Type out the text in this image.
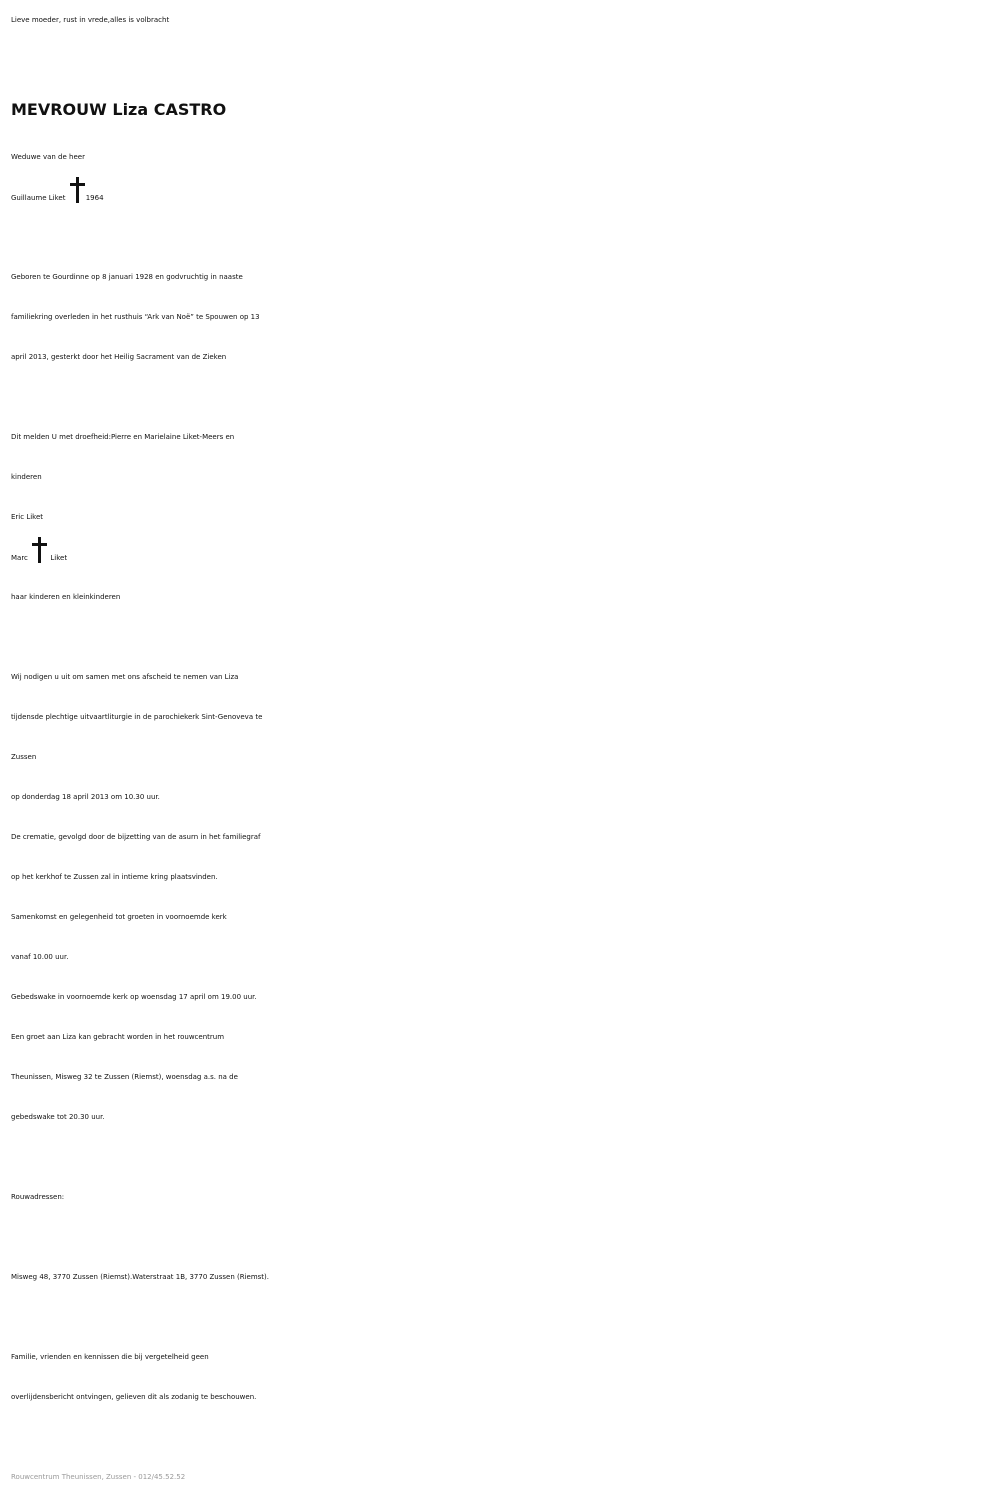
Lieve moeder, rust in vrede,alles is volbracht
MEVROUW Liza CASTRO
Weduwe van de heer
Guillaume Liket	1964
Geboren te Gourdinne op 8 januari 1928 en godvruchtig in naaste
familiekring overleden in het rusthuis “Ark van Noë” te Spouwen op 13
april 2013, gesterkt door het Heilig Sacrament van de Zieken
Dit melden U met droefheid:Pierre en Marielaine Liket-Meers en
kinderen
Eric Liket
Marc	Liket
haar kinderen en kleinkinderen
Wij nodigen u uit om samen met ons afscheid te nemen van Liza
tijdensde plechtige uitvaartliturgie in de parochiekerk Sint-Genoveva te
Zussen
op donderdag 18 april 2013 om 10.30 uur.
De crematie, gevolgd door de bijzetting van de asurn in het familiegraf
op het kerkhof te Zussen zal in intieme kring plaatsvinden.
Samenkomst en gelegenheid tot groeten in voornoemde kerk
vanaf 10.00 uur.
Gebedswake in voornoemde kerk op woensdag 17 april om 19.00 uur.
Een groet aan Liza kan gebracht worden in het rouwcentrum
Theunissen, Misweg 32 te Zussen (Riemst), woensdag a.s. na de
gebedswake tot 20.30 uur.
Rouwadressen:
Misweg 48, 3770 Zussen (Riemst).Waterstraat 1B, 3770 Zussen (Riemst).
Familie, vrienden en kennissen die bij vergetelheid geen
overlijdensbericht ontvingen, gelieven dit als zodanig te beschouwen.
Rouwcentrum Theunissen, Zussen - 012/45.52.52
